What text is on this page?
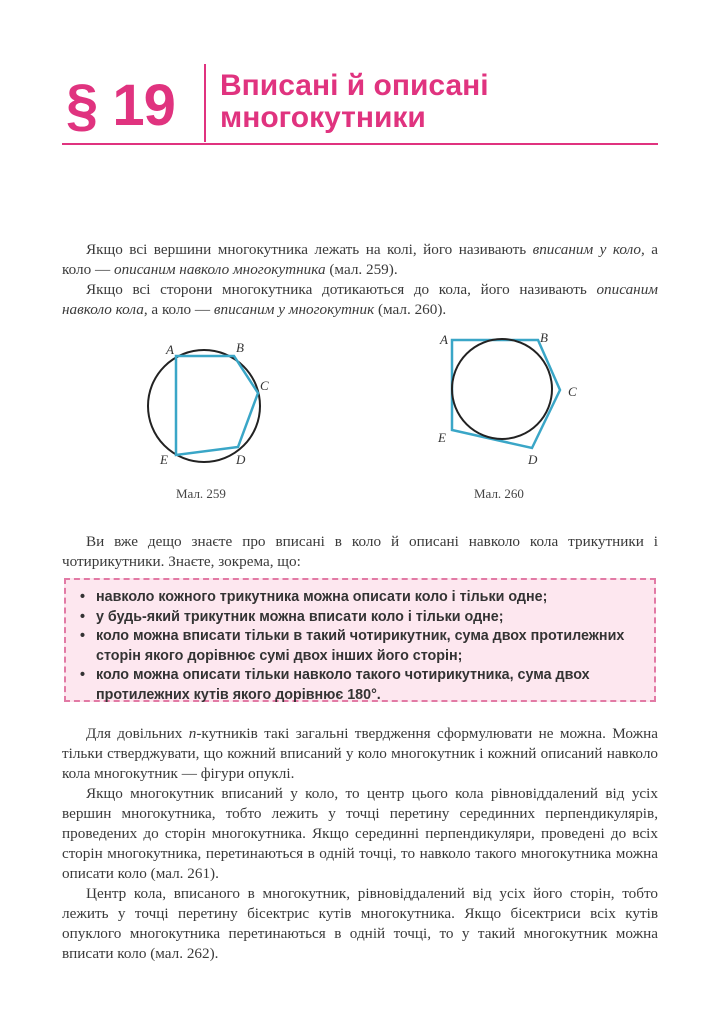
§ 19 Вписані й описані
многокутники

Якщо всі вершини многокутника лежать на колі, його називають вписаним у коло, а коло — описаним навколо многокутника (мал. 259).

Якщо всі сторони многокутника дотикаються до кола, його називають описаним навколо кола, а коло — вписаним у многокутник (мал. 260).

A	B
C
D
E
Мал. 259
A	B
C
D
E
Мал. 260

Ви вже дещо знаєте про вписані в коло й описані навколо кола трикутники і чотирикутники. Знаєте, зокрема, що:

• навколо кожного трикутника можна описати коло і тільки одне;
• у будь-який трикутник можна вписати коло і тільки одне;
• коло можна вписати тільки в такий чотирикутник, сума двох протилежних сторін якого дорівнює сумі двох інших його сторін;
• коло можна описати тільки навколо такого чотирикутника, сума двох протилежних кутів якого дорівнює 180°.

Для довільних n-кутників такі загальні твердження сформулювати не можна. Можна тільки стверджувати, що кожний вписаний у коло многокутник і кожний описаний навколо кола многокутник — фігури опуклі.

Якщо многокутник вписаний у коло, то центр цього кола рівновіддалений від усіх вершин многокутника, тобто лежить у точці перетину серединних перпендикулярів, проведених до сторін многокутника. Якщо серединні перпендикуляри, проведені до всіх сторін многокутника, перетинаються в одній точці, то навколо такого многокутника можна описати коло (мал. 261).

Центр кола, вписаного в многокутник, рівновіддалений від усіх його сторін, тобто лежить у точці перетину бісектрис кутів многокутника. Якщо бісектриси всіх кутів опуклого многокутника перетинаються в одній точці, то у такий многокутник можна вписати коло (мал. 262).
